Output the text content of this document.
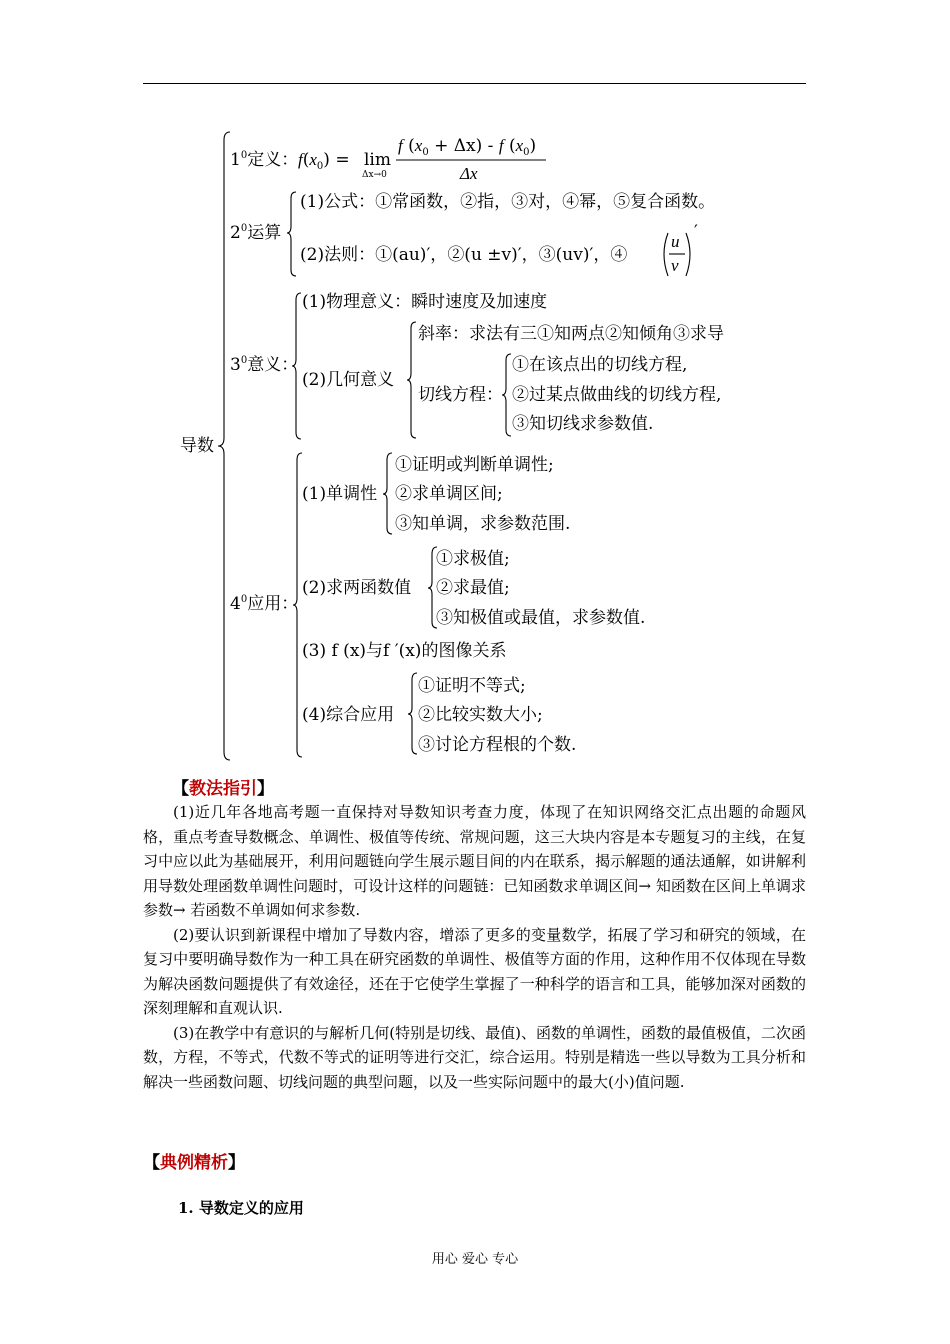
导数
$1^0$定义： $f(x_0) = \lim$
Δx→0
f $(x_0 + \Delta x) - f$ $(x_0)$
Δx
$2^0$运算
(1)公式：①常函数，②指，③对，④幂，⑤复合函数。
(2)法则：①(au)′，②(u ±v)′，③(uv)′，④
u
v
′
$3^0$意义：
(1)物理意义：瞬时速度及加速度
(2)几何意义
斜率：求法有三①知两点②知倾角③求导
切线方程：
①在该点出的切线方程,
②过某点做曲线的切线方程,
③知切线求参数值.
$4^0$应用：
(1)单调性
①证明或判断单调性;
②求单调区间;
③知单调，求参数范围.
(2)求两函数值
①求极值;
②求最值;
③知极值或最值，求参数值.
(3) f (x)与f ′(x)的图像关系
(4)综合应用
①证明不等式;
②比较实数大小;
③讨论方程根的个数.
【教法指引】

(1)近几年各地高考题一直保持对导数知识考查力度，体现了在知识网络交汇点出题的命题风格，重点考查导数概念、单调性、极值等传统、常规问题，这三大块内容是本专题复习的主线，在复习中应以此为基础展开，利用问题链向学生展示题目间的内在联系，揭示解题的通法通解，如讲解利用导数处理函数单调性问题时，可设计这样的问题链：已知函数求单调区间→ 知函数在区间上单调求参数→ 若函数不单调如何求参数.

(2)要认识到新课程中增加了导数内容，增添了更多的变量数学，拓展了学习和研究的领域，在复习中要明确导数作为一种工具在研究函数的单调性、极值等方面的作用，这种作用不仅体现在导数为解决函数问题提供了有效途径，还在于它使学生掌握了一种科学的语言和工具，能够加深对函数的深刻理解和直观认识.

(3)在教学中有意识的与解析几何(特别是切线、最值)、函数的单调性，函数的最值极值，二次函数，方程，不等式，代数不等式的证明等进行交汇，综合运用。特别是精选一些以导数为工具分析和解决一些函数问题、切线问题的典型问题，以及一些实际问题中的最大(小)值问题.

【典例精析】
1. 导数定义的应用
用心 爱心 专心
